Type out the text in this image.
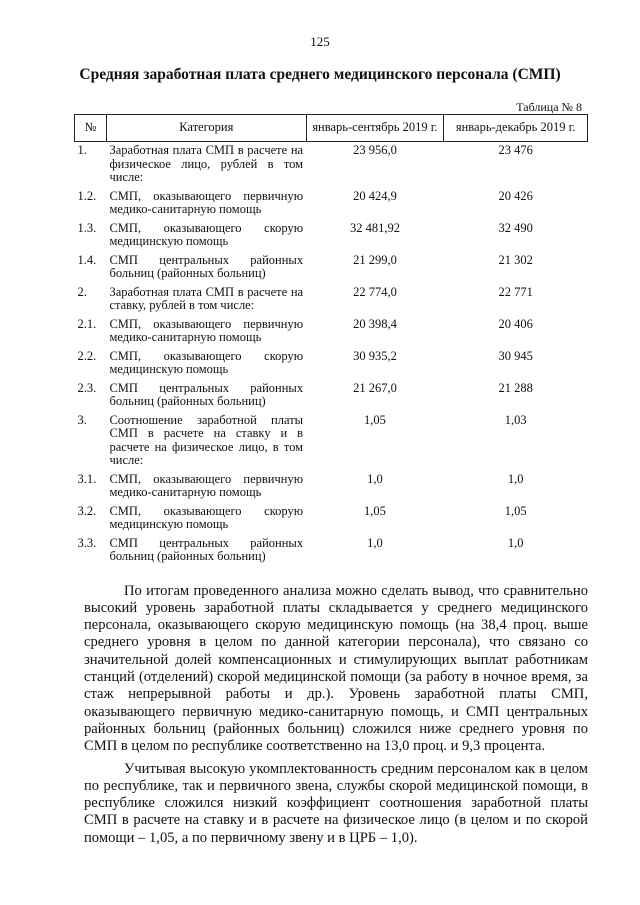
125
Средняя заработная плата среднего медицинского персонала (СМП)
Таблица № 8
№	Категория	январь-сентябрь 2019 г.	январь-декабрь 2019 г.
1.	Заработная плата СМП в расчете на физическое лицо, рублей в том числе:	23 956,0	23 476
1.2.	СМП, оказывающего первичную медико-санитарную помощь	20 424,9	20 426
1.3.	СМП, оказывающего скорую медицинскую помощь	32 481,92	32 490
1.4.	СМП центральных районных больниц (районных больниц)	21 299,0	21 302
2.	Заработная плата СМП в расчете на ставку, рублей в том числе:	22 774,0	22 771
2.1.	СМП, оказывающего первичную медико-санитарную помощь	20 398,4	20 406
2.2.	СМП, оказывающего скорую медицинскую помощь	30 935,2	30 945
2.3.	СМП центральных районных больниц (районных больниц)	21 267,0	21 288
3.	Соотношение заработной платы СМП в расчете на ставку и в расчете на физическое лицо, в том числе:	1,05	1,03
3.1.	СМП, оказывающего первичную медико-санитарную помощь	1,0	1,0
3.2.	СМП, оказывающего скорую медицинскую помощь	1,05	1,05
3.3.	СМП центральных районных больниц (районных больниц)	1,0	1,0

По итогам проведенного анализа можно сделать вывод, что сравнительно высокий уровень заработной платы складывается у среднего медицинского персонала, оказывающего скорую медицинскую помощь (на 38,4 проц. выше среднего уровня в целом по данной категории персонала), что связано со значительной долей компенсационных и стимулирующих выплат работникам станций (отделений) скорой медицинской помощи (за работу в ночное время, за стаж непрерывной работы и др.). Уровень заработной платы СМП, оказывающего первичную медико-санитарную помощь, и СМП центральных районных больниц (районных больниц) сложился ниже среднего уровня по СМП в целом по республике соответственно на 13,0 проц. и 9,3 процента.

Учитывая высокую укомплектованность средним персоналом как в целом по республике, так и первичного звена, службы скорой медицинской помощи, в республике сложился низкий коэффициент соотношения заработной платы СМП в расчете на ставку и в расчете на физическое лицо (в целом и по скорой помощи – 1,05, а по первичному звену и в ЦРБ – 1,0).
